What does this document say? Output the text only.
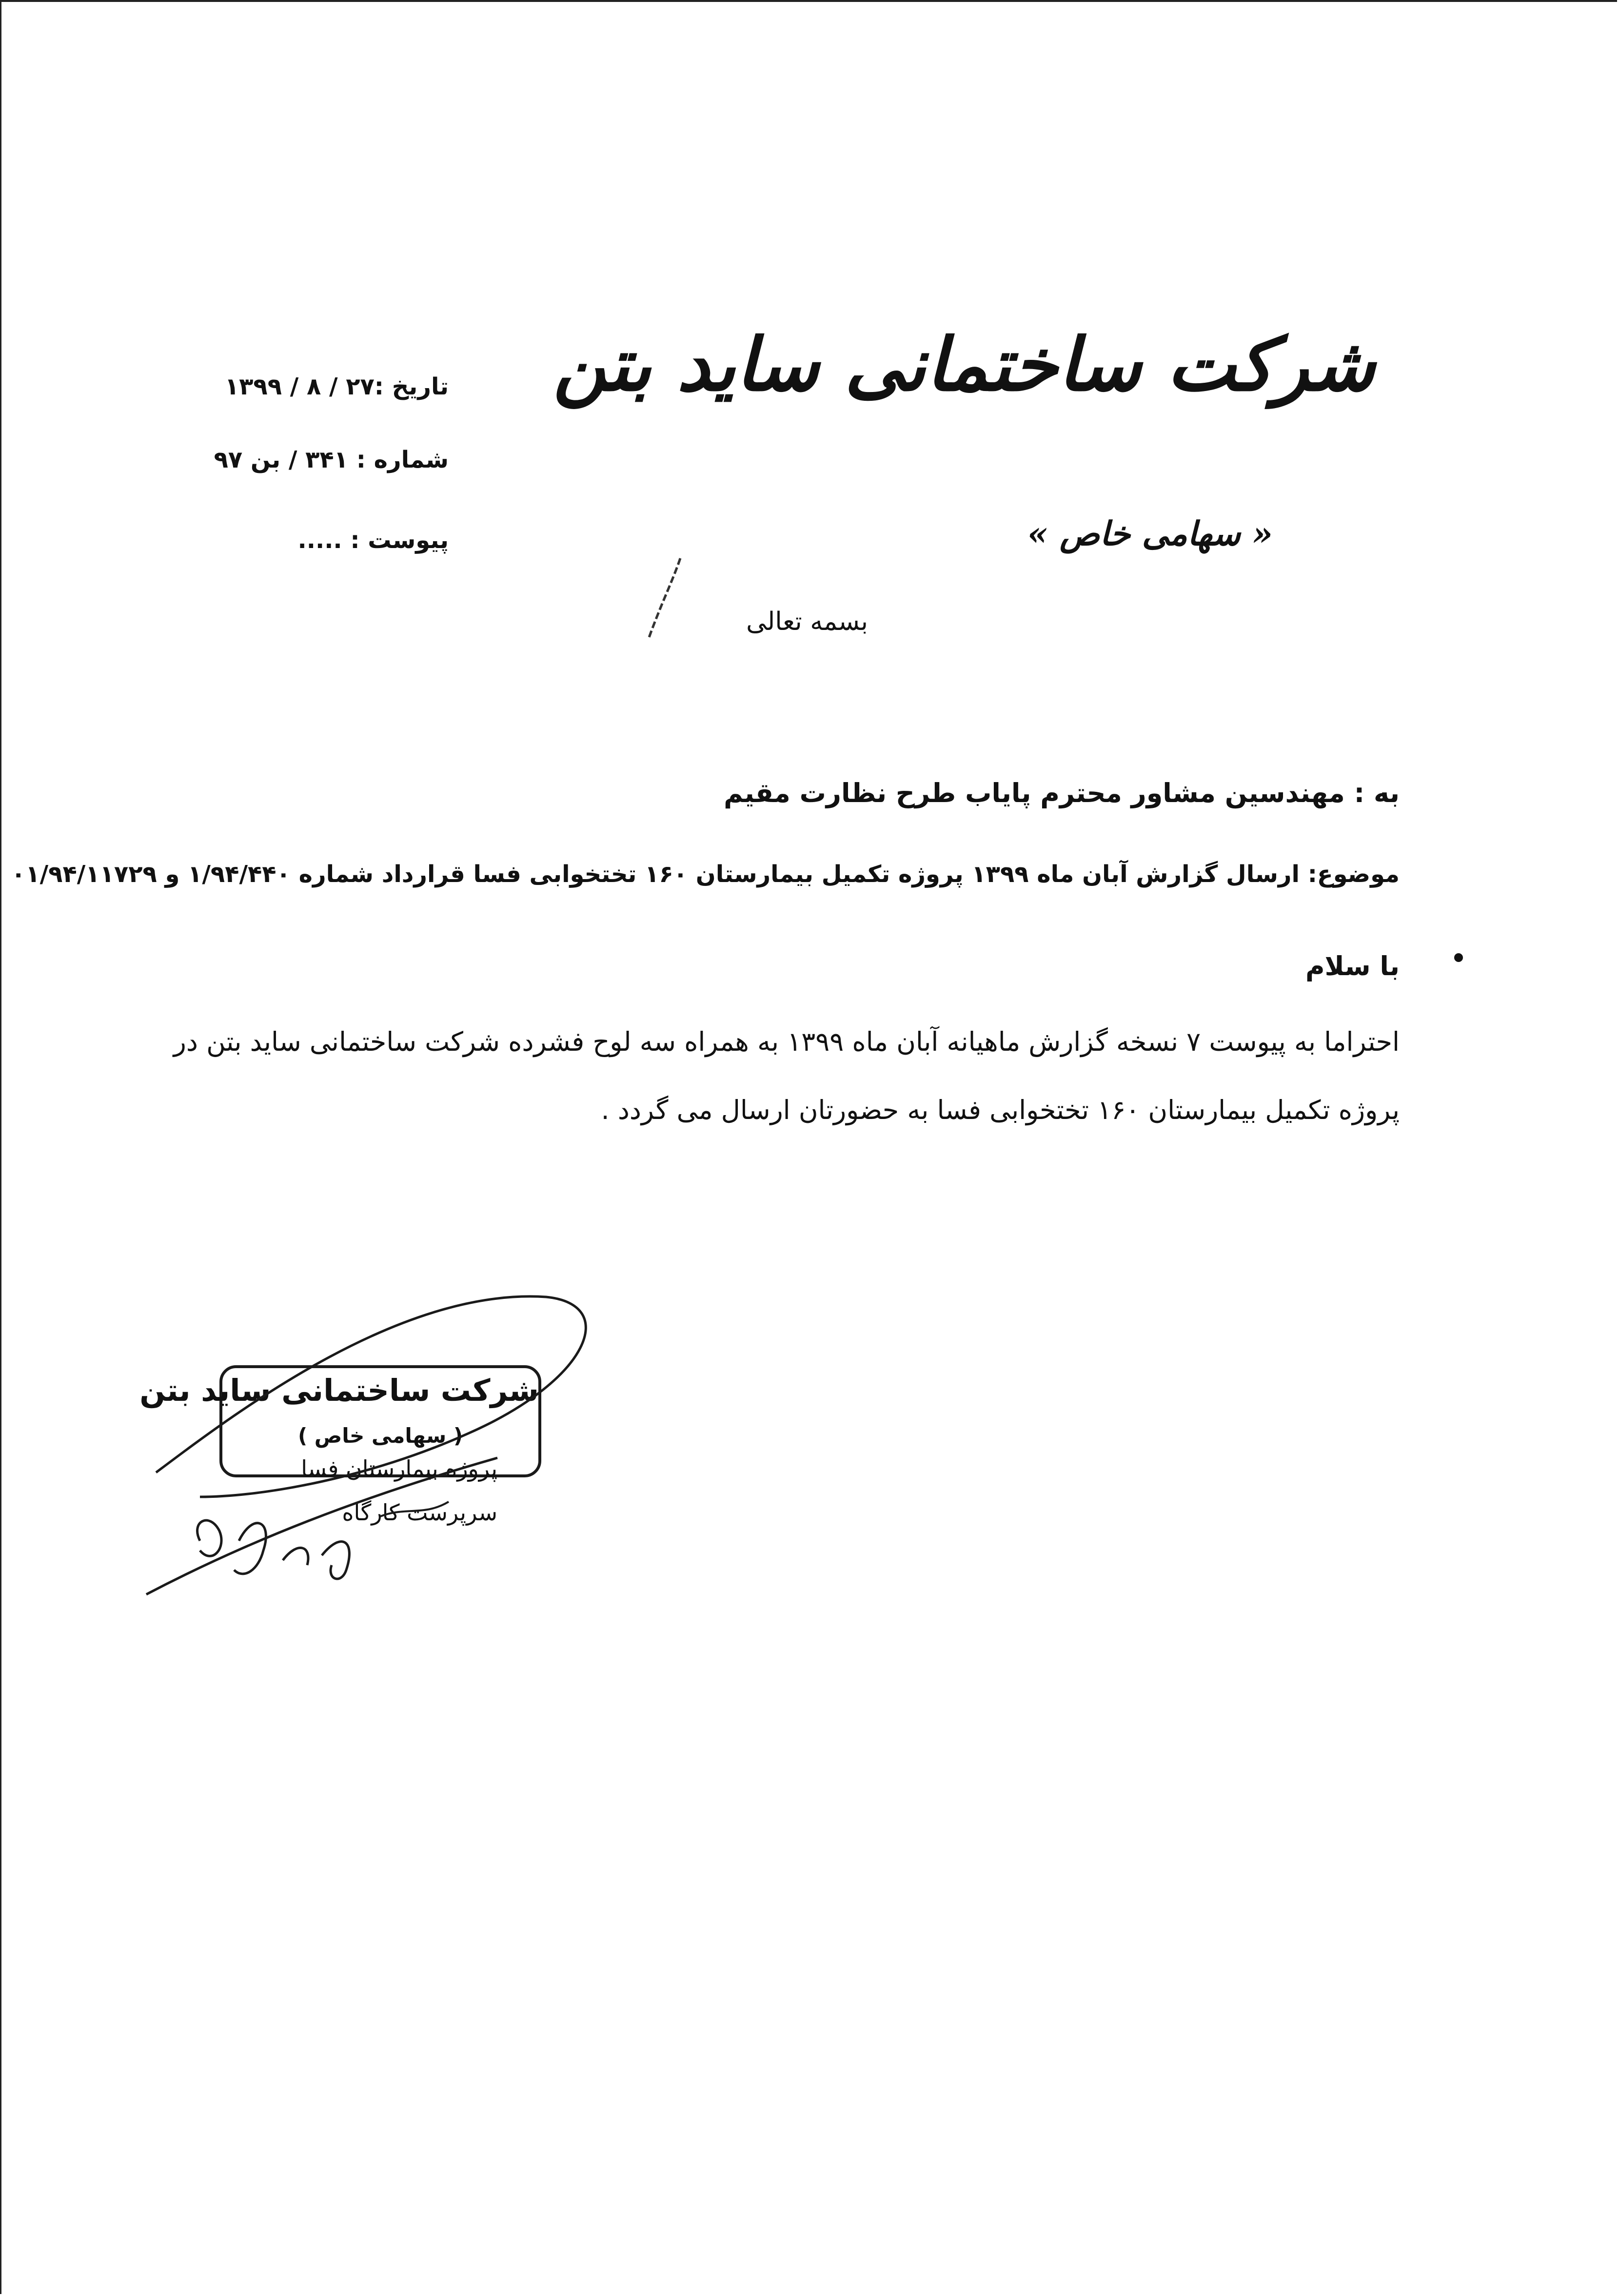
شرکت ساختمانی ساید بتن
« سهامی خاص »
تاریخ :۲۷ / ۸ / ۱۳۹۹
شماره : ۳۴۱ / بن ۹۷
پیوست : .....
بسمه تعالی
به : مهندسین مشاور محترم پایاب طرح نظارت مقیم
موضوع: ارسال گزارش آبان ماه ۱۳۹۹ پروژه تکمیل بیمارستان ۱۶۰ تختخوابی فسا قرارداد شماره ۱/۹۴/۴۴۰ و ۰۱/۹۴/۱۱۷۲۹
با سلام
احتراما به پیوست ۷ نسخه گزارش ماهیانه آبان ماه ۱۳۹۹ به همراه سه لوح فشرده شرکت ساختمانی ساید بتن در
پروژه تکمیل بیمارستان ۱۶۰ تختخوابی فسا به حضورتان ارسال می گردد .
شرکت ساختمانی ساید بتن
( سهامی خاص )
پروژه بیمارستان فسا
سرپرست کارگاه
